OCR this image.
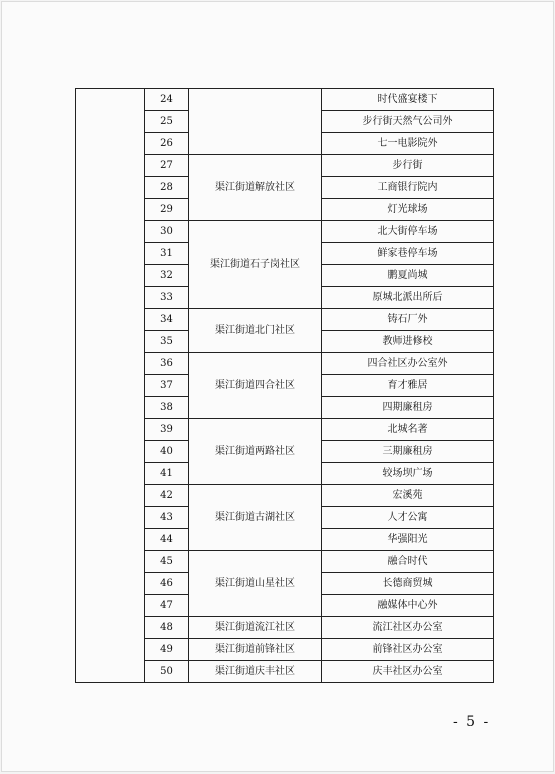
	24		时代盛宴楼下
	25		步行街天然气公司外
	26		七一电影院外
	27	渠江街道解放社区	步行街
	28		工商银行院内
	29		灯光球场
	30	渠江街道石子岗社区	北大街停车场
	31		鲜家巷停车场
	32		鹏夏尚城
	33		原城北派出所后
	34	渠江街道北门社区	铸石厂外
	35		教师进修校
	36	渠江街道四合社区	四合社区办公室外
	37		育才雅居
	38		四期廉租房
	39	渠江街道两路社区	北城名著
	40		三期廉租房
	41		较场坝广场
	42	渠江街道古湖社区	宏溪苑
	43		人才公寓
	44		华强阳光
	45	渠江街道山星社区	融合时代
	46		长德商贸城
	47		融媒体中心外
	48	渠江街道流江社区	流江社区办公室
	49	渠江街道前锋社区	前锋社区办公室
	50	渠江街道庆丰社区	庆丰社区办公室
- 5 -
